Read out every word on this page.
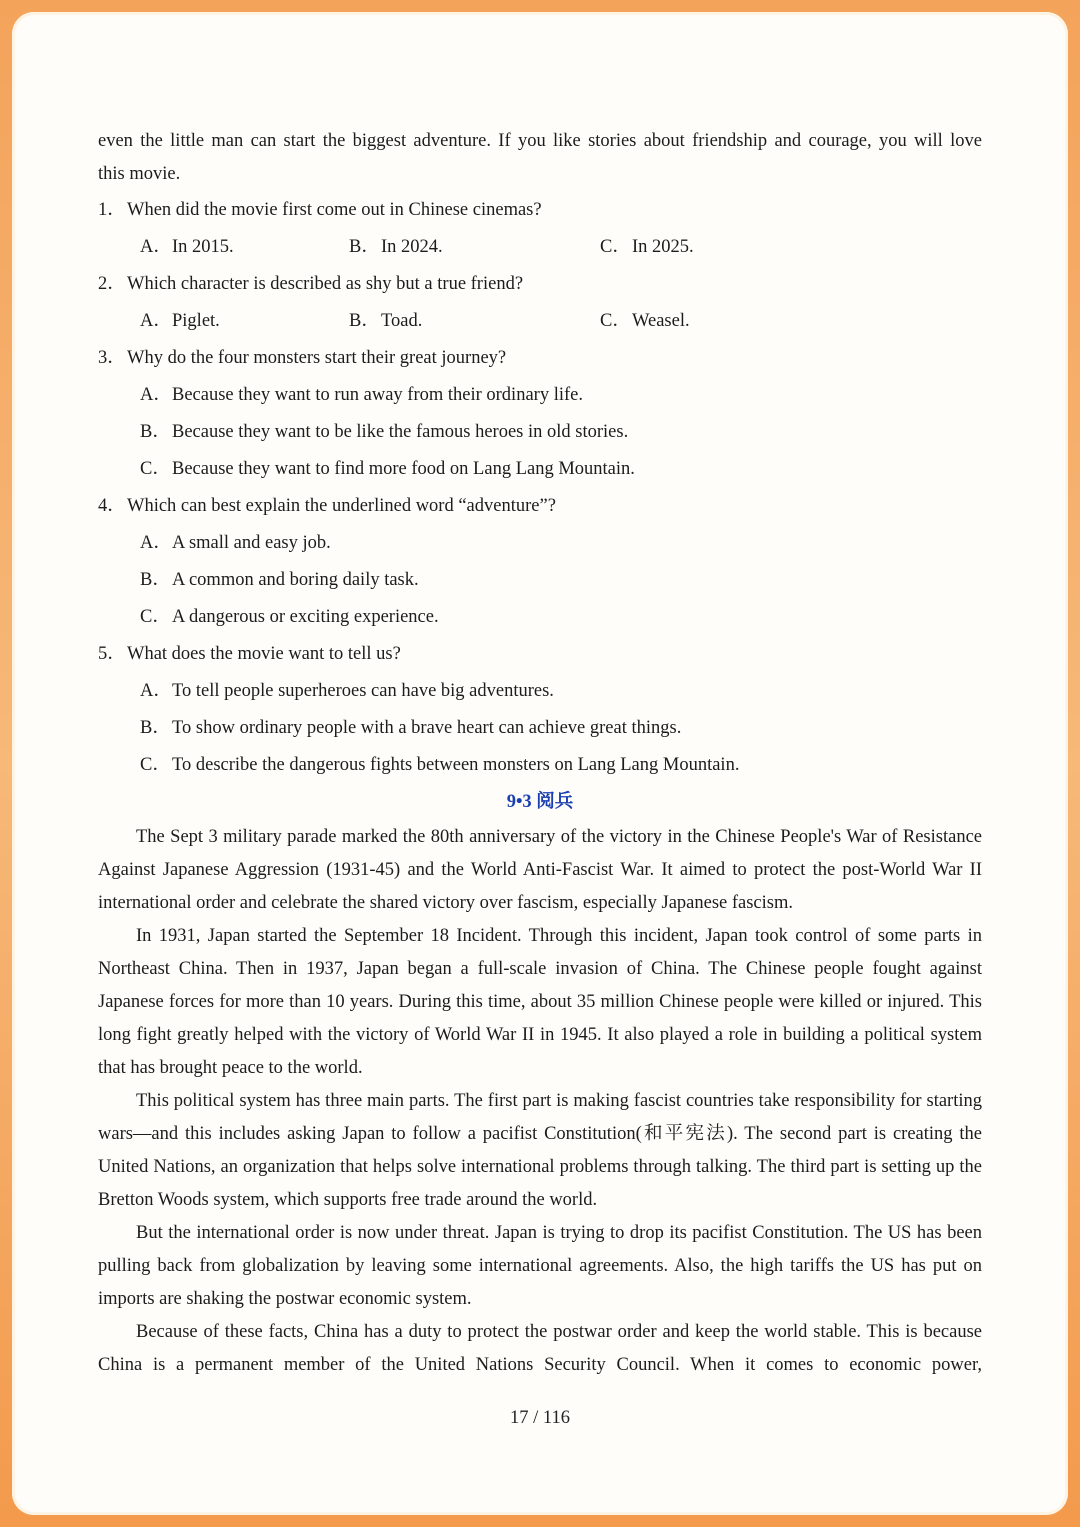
even the little man can start the biggest adventure. If you like stories about friendship and courage, you will love

this movie.

1．When did the movie first come out in Chinese cinemas?

A．In 2015.	B．In 2024.	C．In 2025.

2．Which character is described as shy but a true friend?

A．Piglet.	B．Toad.	C．Weasel.

3．Why do the four monsters start their great journey?

A．Because they want to run away from their ordinary life.
B．Because they want to be like the famous heroes in old stories.
C．Because they want to find more food on Lang Lang Mountain.

4．Which can best explain the underlined word “adventure”?

A．A small and easy job.
B．A common and boring daily task.
C．A dangerous or exciting experience.

5．What does the movie want to tell us?

A．To tell people superheroes can have big adventures.
B．To show ordinary people with a brave heart can achieve great things.
C．To describe the dangerous fights between monsters on Lang Lang Mountain.
9•3 阅兵

The Sept 3 military parade marked the 80th anniversary of the victory in the Chinese People's War of Resistance Against Japanese Aggression (1931-45) and the World Anti-Fascist War. It aimed to protect the post-World War II international order and celebrate the shared victory over fascism, especially Japanese fascism.

In 1931, Japan started the September 18 Incident. Through this incident, Japan took control of some parts in Northeast China. Then in 1937, Japan began a full-scale invasion of China. The Chinese people fought against Japanese forces for more than 10 years. During this time, about 35 million Chinese people were killed or injured. This long fight greatly helped with the victory of World War II in 1945. It also played a role in building a political system that has brought peace to the world.

This political system has three main parts. The first part is making fascist countries take responsibility for starting wars—and this includes asking Japan to follow a pacifist Constitution(和平宪法). The second part is creating the United Nations, an organization that helps solve international problems through talking. The third part is setting up the Bretton Woods system, which supports free trade around the world.

But the international order is now under threat. Japan is trying to drop its pacifist Constitution. The US has been pulling back from globalization by leaving some international agreements. Also, the high tariffs the US has put on imports are shaking the postwar economic system.

Because of these facts, China has a duty to protect the postwar order and keep the world stable. This is because China is a permanent member of the United Nations Security Council. When it comes to economic power,

17 / 116
